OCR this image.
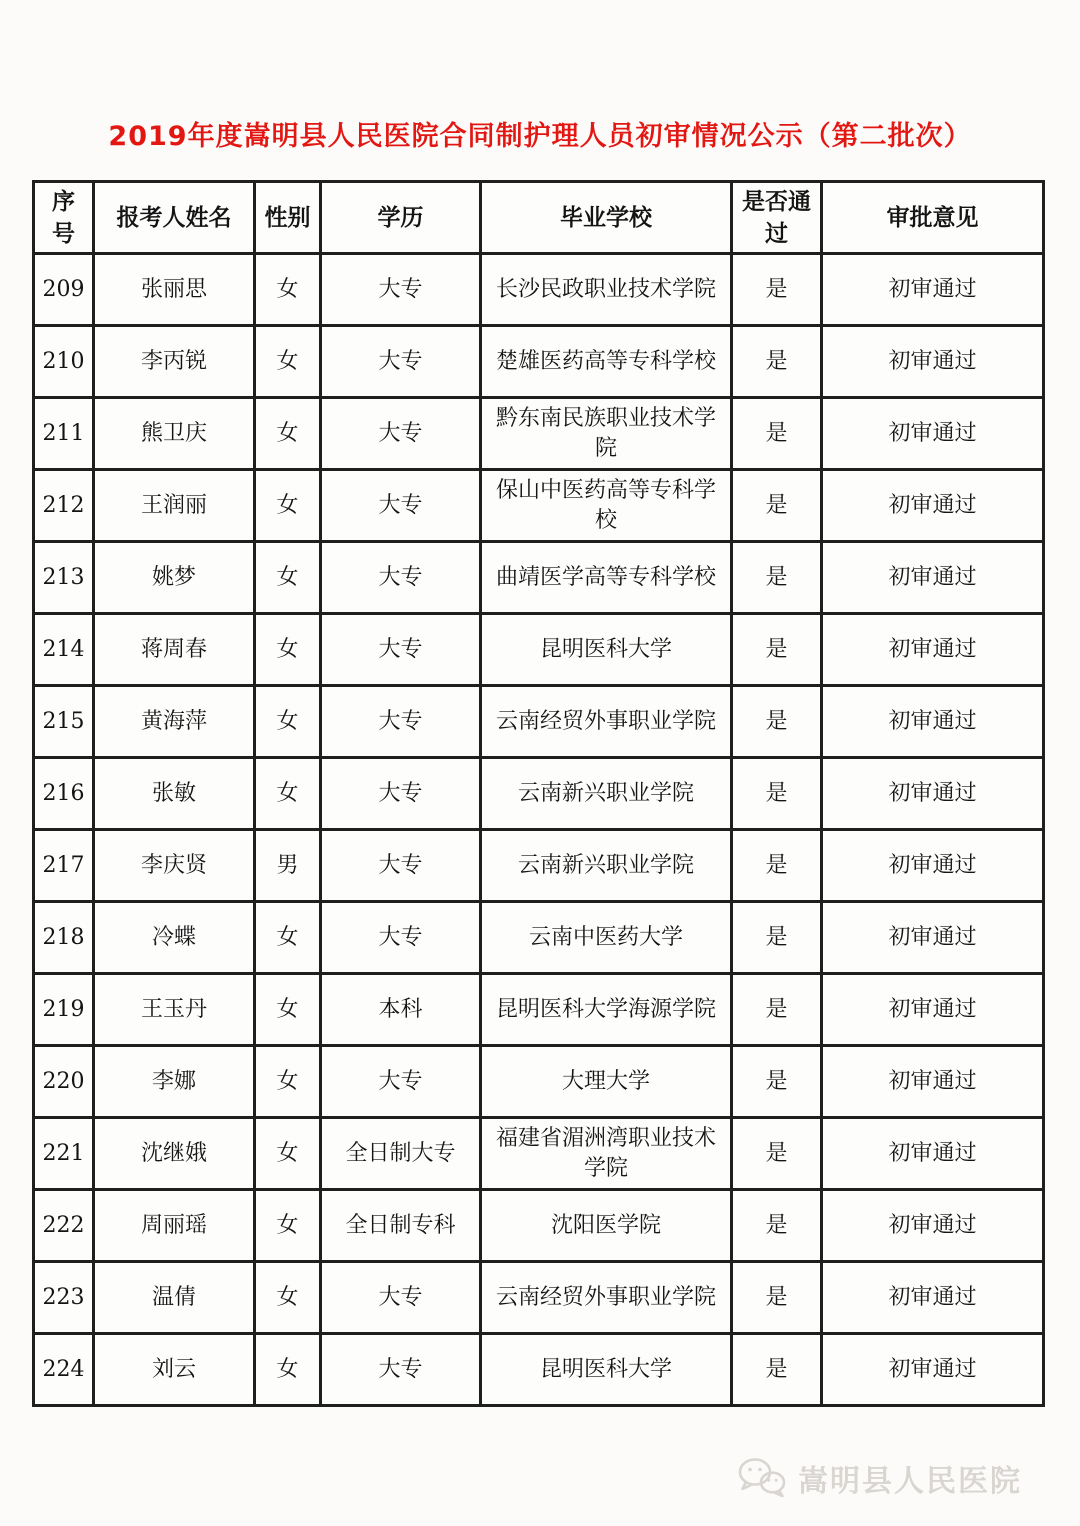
2019年度嵩明县人民医院合同制护理人员初审情况公示（第二批次）
序号	报考人姓名	性别	学历	毕业学校	是否通过	审批意见
209	张丽思	女	大专	长沙民政职业技术学院	是	初审通过
210	李丙锐	女	大专	楚雄医药高等专科学校	是	初审通过
211	熊卫庆	女	大专	黔东南民族职业技术学院	是	初审通过
212	王润丽	女	大专	保山中医药高等专科学校	是	初审通过
213	姚梦	女	大专	曲靖医学高等专科学校	是	初审通过
214	蒋周春	女	大专	昆明医科大学	是	初审通过
215	黄海萍	女	大专	云南经贸外事职业学院	是	初审通过
216	张敏	女	大专	云南新兴职业学院	是	初审通过
217	李庆贤	男	大专	云南新兴职业学院	是	初审通过
218	冷蝶	女	大专	云南中医药大学	是	初审通过
219	王玉丹	女	本科	昆明医科大学海源学院	是	初审通过
220	李娜	女	大专	大理大学	是	初审通过
221	沈继娥	女	全日制大专	福建省湄洲湾职业技术学院	是	初审通过
222	周丽瑶	女	全日制专科	沈阳医学院	是	初审通过
223	温倩	女	大专	云南经贸外事职业学院	是	初审通过
224	刘云	女	大专	昆明医科大学	是	初审通过
嵩明县人民医院
